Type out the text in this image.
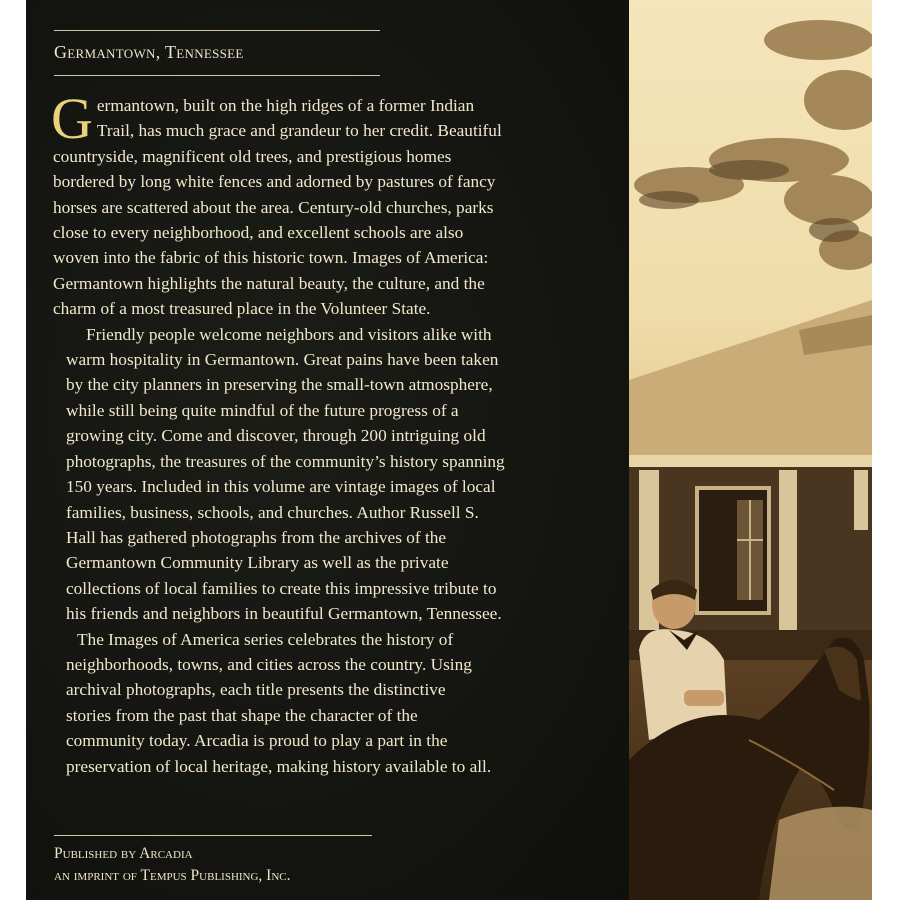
Germantown, Tennessee

G ermantown, built on the high ridges of a former Indian
Trail, has much grace and grandeur to her credit. Beautiful
countryside, magnificent old trees, and prestigious homes
bordered by long white fences and adorned by pastures of fancy
horses are scattered about the area. Century-old churches, parks
close to every neighborhood, and excellent schools are also
woven into the fabric of this historic town. Images of America:
Germantown highlights the natural beauty, the culture, and the
charm of a most treasured place in the Volunteer State.

Friendly people welcome neighbors and visitors alike with
warm hospitality in Germantown. Great pains have been taken
by the city planners in preserving the small-town atmosphere,
while still being quite mindful of the future progress of a
growing city. Come and discover, through 200 intriguing old
photographs, the treasures of the community’s history spanning
150 years. Included in this volume are vintage images of local
families, business, schools, and churches. Author Russell S.
Hall has gathered photographs from the archives of the
Germantown Community Library as well as the private
collections of local families to create this impressive tribute to
his friends and neighbors in beautiful Germantown, Tennessee.

The Images of America series celebrates the history of
neighborhoods, towns, and cities across the country. Using
archival photographs, each title presents the distinctive
stories from the past that shape the character of the
community today. Arcadia is proud to play a part in the
preservation of local heritage, making history available to all.

Published by Arcadia
an imprint of Tempus Publishing, Inc.
